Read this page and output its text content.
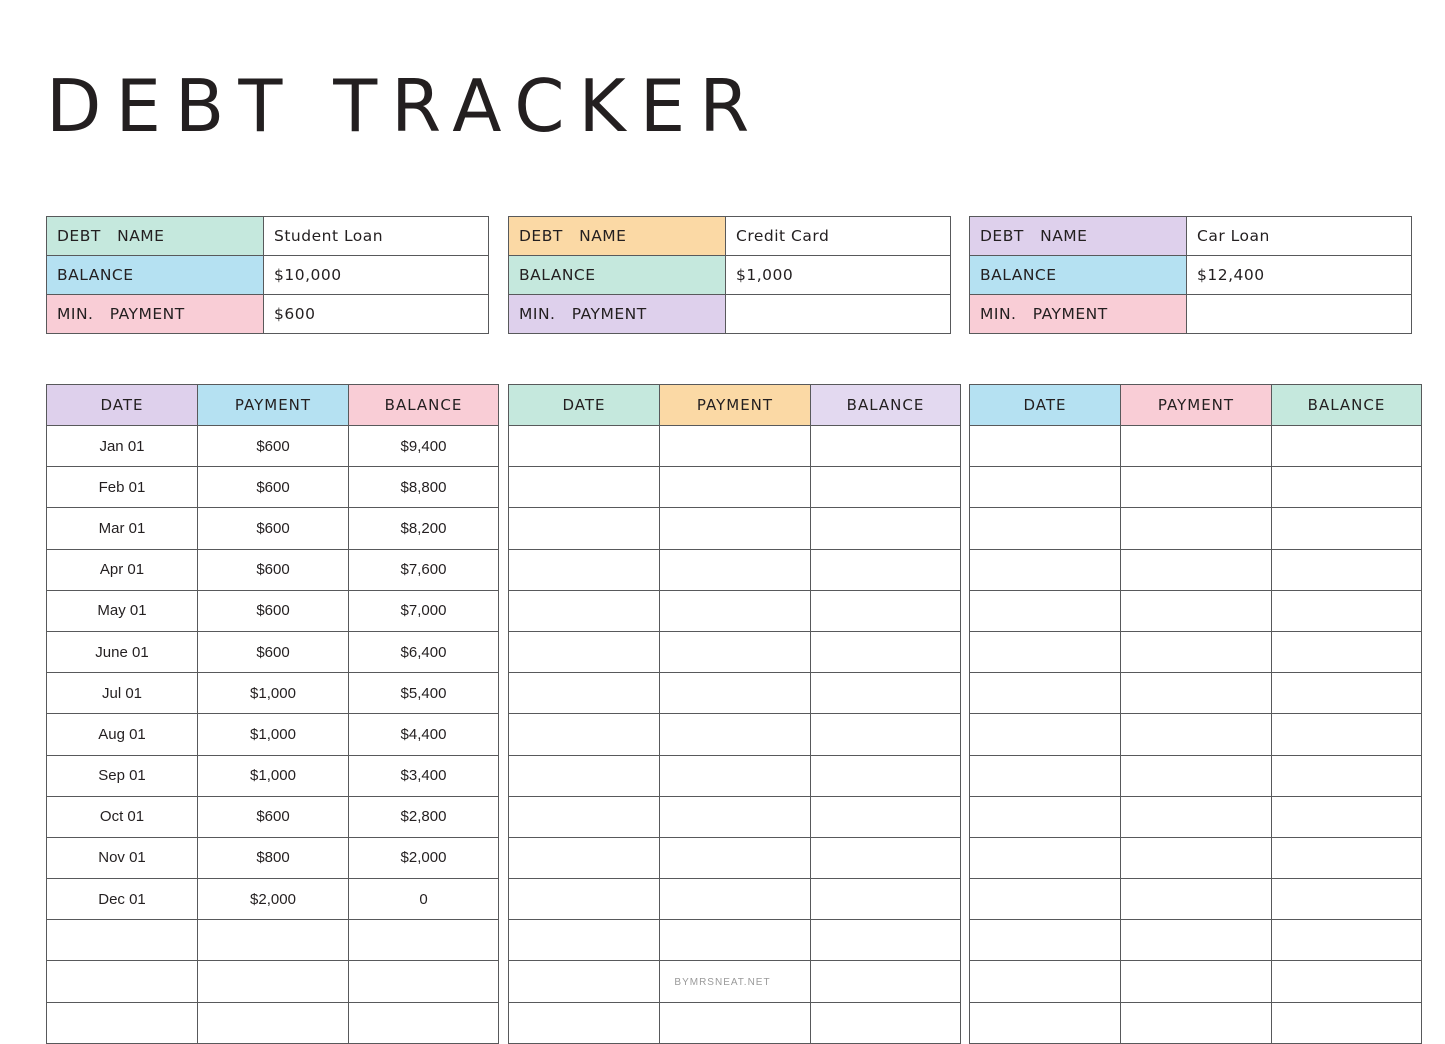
DEBT TRACKER
DEBT   NAME	Student Loan
BALANCE	$10,000
MIN.   PAYMENT	$600
DATE	PAYMENT	BALANCE
Jan 01	$600	$9,400
Feb 01	$600	$8,800
Mar 01	$600	$8,200
Apr 01	$600	$7,600
May 01	$600	$7,000
June 01	$600	$6,400
Jul 01	$1,000	$5,400
Aug 01	$1,000	$4,400
Sep 01	$1,000	$3,400
Oct 01	$600	$2,800
Nov 01	$800	$2,000
Dec 01	$2,000	0

DEBT   NAME	Credit Card
BALANCE	$1,000
MIN.   PAYMENT	
DATE	PAYMENT	BALANCE

DEBT   NAME	Car Loan
BALANCE	$12,400
MIN.   PAYMENT	
DATE	PAYMENT	BALANCE

BYMRSNEAT.NET
